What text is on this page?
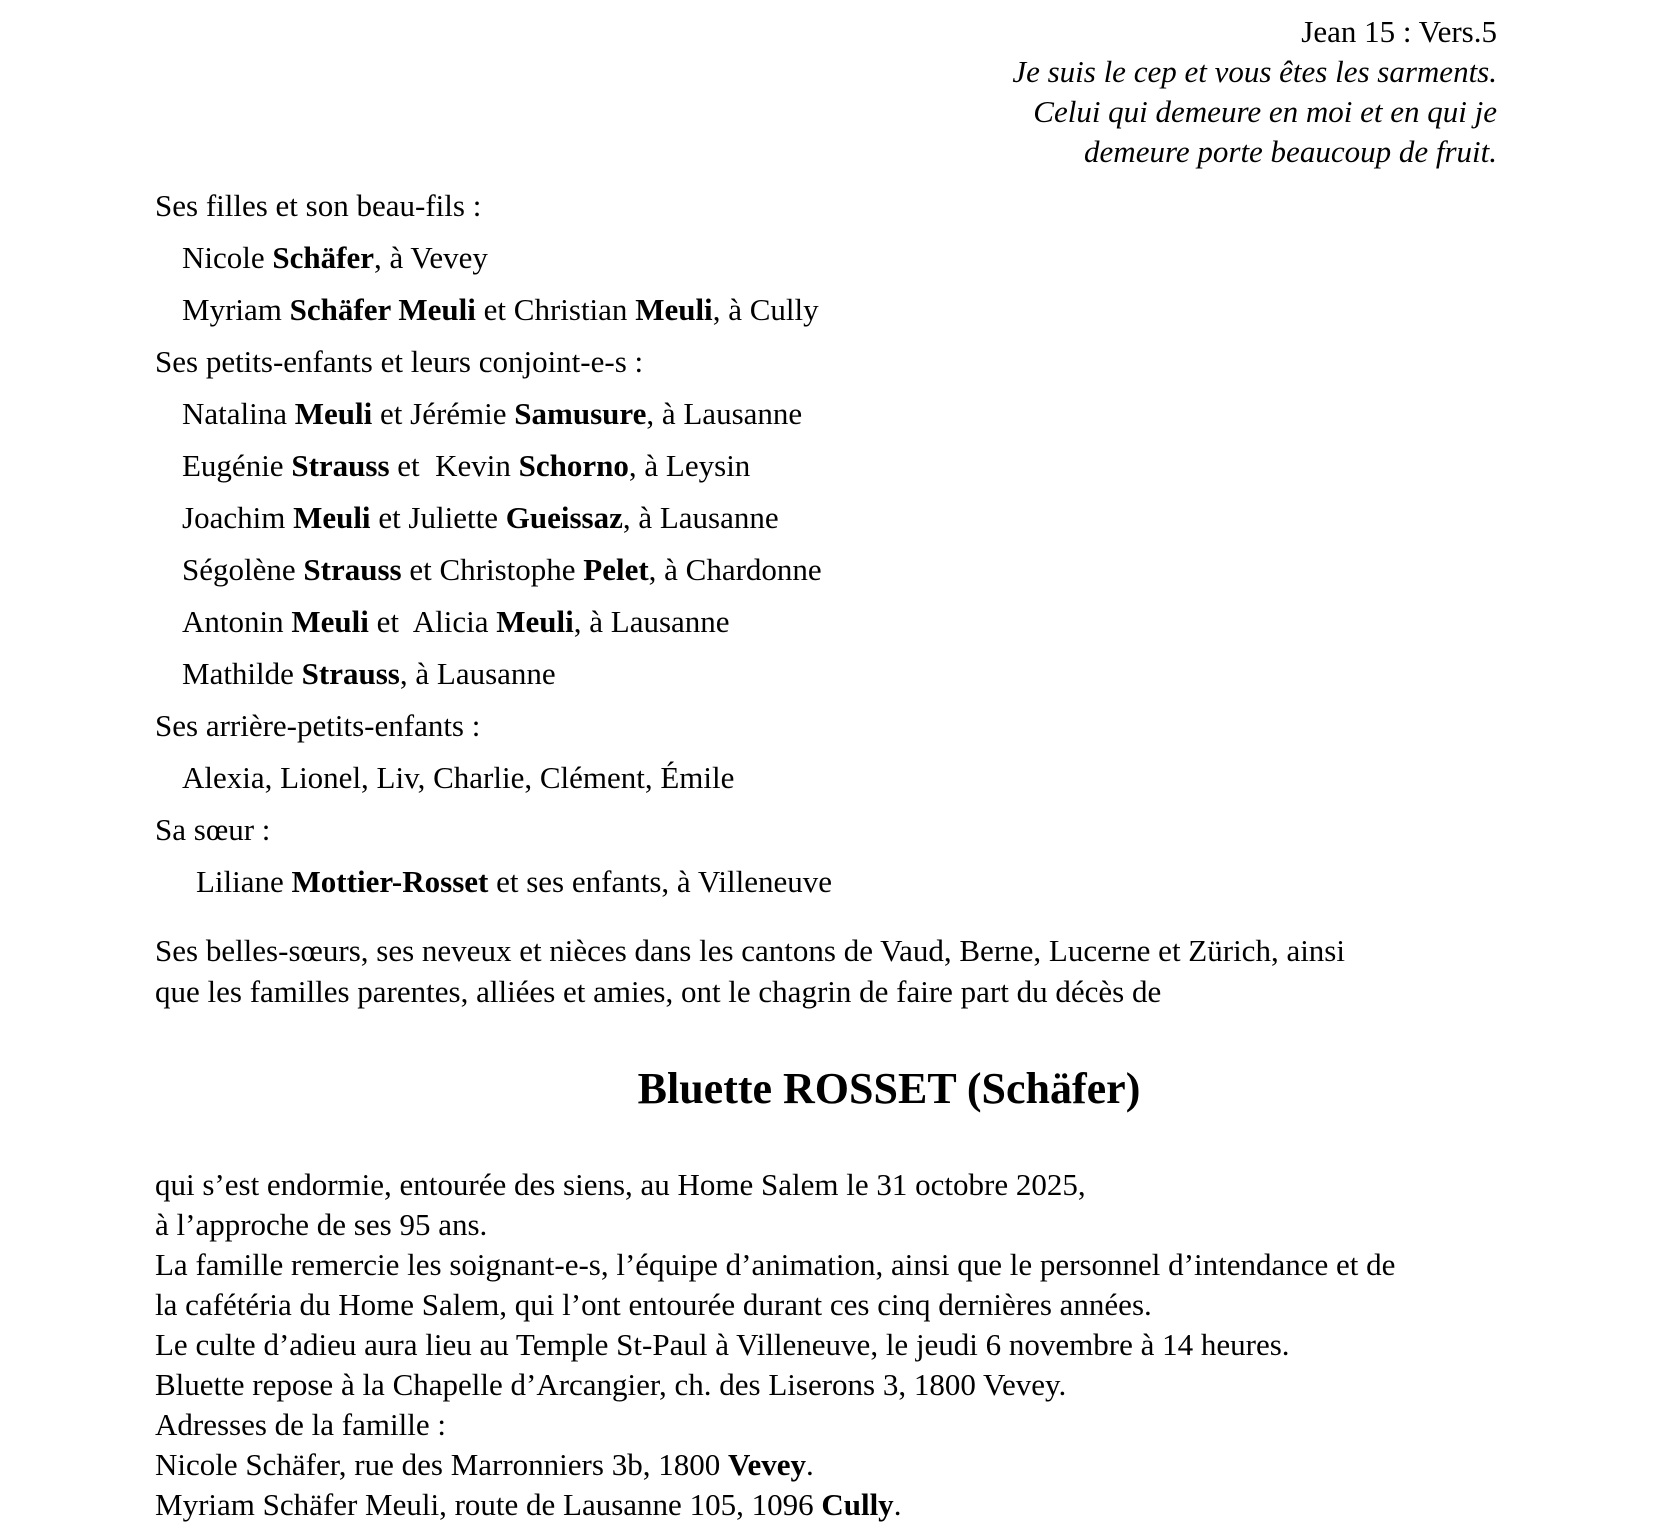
Jean 15 : Vers.5
Je suis le cep et vous êtes les sarments.
Celui qui demeure en moi et en qui je
demeure porte beaucoup de fruit.
Ses filles et son beau-fils :
Nicole Schäfer, à Vevey
Myriam Schäfer Meuli et Christian Meuli, à Cully
Ses petits-enfants et leurs conjoint-e-s :
Natalina Meuli et Jérémie Samusure, à Lausanne
Eugénie Strauss et  Kevin Schorno, à Leysin
Joachim Meuli et Juliette Gueissaz, à Lausanne
Ségolène Strauss et Christophe Pelet, à Chardonne
Antonin Meuli et  Alicia Meuli, à Lausanne
Mathilde Strauss, à Lausanne
Ses arrière-petits-enfants :
Alexia, Lionel, Liv, Charlie, Clément, Émile
Sa sœur :
Liliane Mottier-Rosset et ses enfants, à Villeneuve
Ses belles-sœurs, ses neveux et nièces dans les cantons de Vaud, Berne, Lucerne et Zürich, ainsi
que les familles parentes, alliées et amies, ont le chagrin de faire part du décès de
Bluette ROSSET (Schäfer)
qui s’est endormie, entourée des siens, au Home Salem le 31 octobre 2025,
à l’approche de ses 95 ans.
La famille remercie les soignant-e-s, l’équipe d’animation, ainsi que le personnel d’intendance et de
la cafétéria du Home Salem, qui l’ont entourée durant ces cinq dernières années.
Le culte d’adieu aura lieu au Temple St-Paul à Villeneuve, le jeudi 6 novembre à 14 heures.
Bluette repose à la Chapelle d’Arcangier, ch. des Liserons 3, 1800 Vevey.
Adresses de la famille :
Nicole Schäfer, rue des Marronniers 3b, 1800 Vevey.
Myriam Schäfer Meuli, route de Lausanne 105, 1096 Cully.
